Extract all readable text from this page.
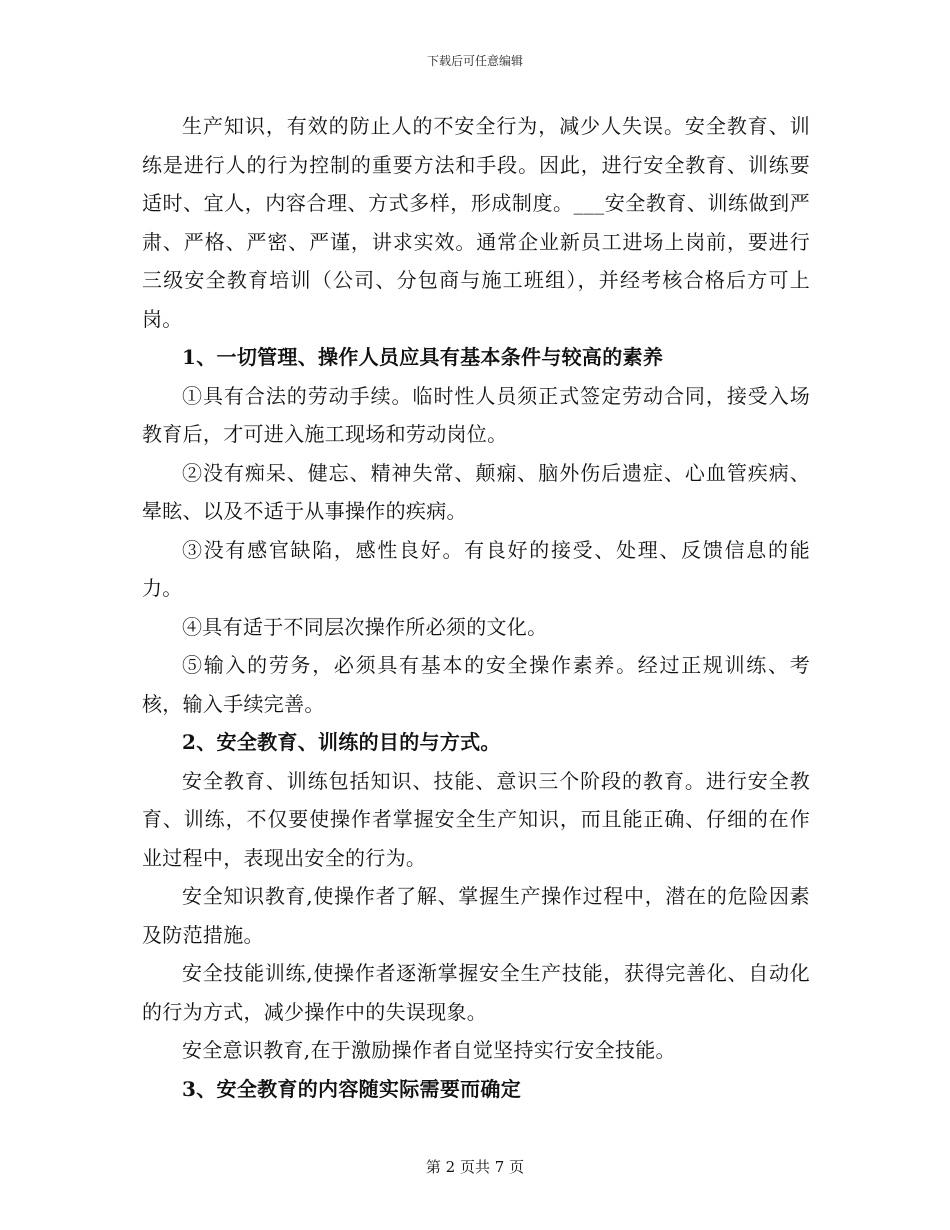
下载后可任意编辑

生产知识，有效的防止人的不安全行为，减少人失误。安全教育、训练是进行人的行为控制的重要方法和手段。因此，进行安全教育、训练要适时、宜人，内容合理、方式多样，形成制度。___安全教育、训练做到严肃、严格、严密、严谨，讲求实效。通常企业新员工进场上岗前，要进行三级安全教育培训（公司、分包商与施工班组），并经考核合格后方可上岗。

1、一切管理、操作人员应具有基本条件与较高的素养

①具有合法的劳动手续。临时性人员须正式签定劳动合同，接受入场教育后，才可进入施工现场和劳动岗位。

②没有痴呆、健忘、精神失常、颠痫、脑外伤后遗症、心血管疾病、晕眩、以及不适于从事操作的疾病。

③没有感官缺陷，感性良好。有良好的接受、处理、反馈信息的能力。

④具有适于不同层次操作所必须的文化。

⑤输入的劳务，必须具有基本的安全操作素养。经过正规训练、考核，输入手续完善。

2、安全教育、训练的目的与方式。

安全教育、训练包括知识、技能、意识三个阶段的教育。进行安全教育、训练，不仅要使操作者掌握安全生产知识，而且能正确、仔细的在作业过程中，表现出安全的行为。

安全知识教育,使操作者了解、掌握生产操作过程中，潜在的危险因素及防范措施。

安全技能训练,使操作者逐渐掌握安全生产技能，获得完善化、自动化的行为方式，减少操作中的失误现象。

安全意识教育,在于激励操作者自觉坚持实行安全技能。

3、安全教育的内容随实际需要而确定

第 2 页共 7 页
